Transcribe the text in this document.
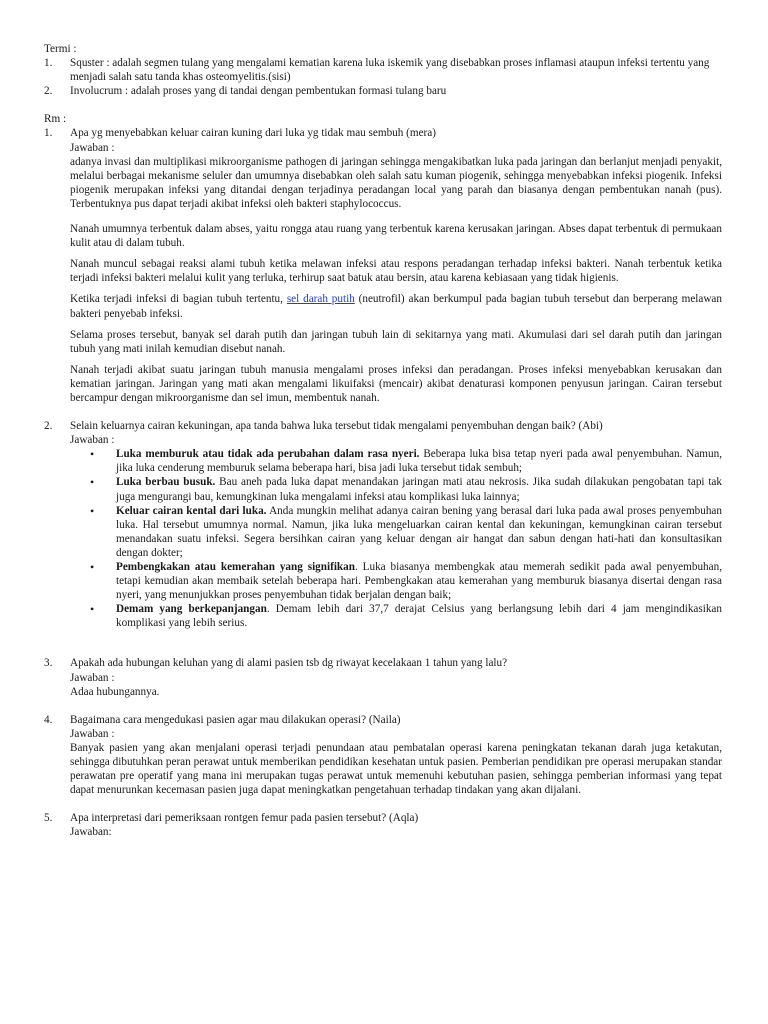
Termi :

1.	Squster : adalah segmen tulang yang mengalami kematian karena luka iskemik yang disebabkan proses inflamasi ataupun infeksi tertentu yang menjadi salah satu tanda khas osteomyelitis.(sisi)
2.	Involucrum : adalah proses yang di tandai dengan pembentukan formasi tulang baru

Rm :

1.	Apa yg menyebabkan keluar cairan kuning dari luka yg tidak mau sembuh (mera)

Jawaban :

adanya invasi dan multiplikasi mikroorganisme pathogen di jaringan sehingga mengakibatkan luka pada jaringan dan berlanjut menjadi penyakit, melalui berbagai mekanisme seluler dan umumnya disebabkan oleh salah satu kuman piogenik, sehingga menyebabkan infeksi piogenik. Infeksi piogenik merupakan infeksi yang ditandai dengan terjadinya peradangan local yang parah dan biasanya dengan pembentukan nanah (pus). Terbentuknya pus dapat terjadi akibat infeksi oleh bakteri staphylococcus.

Nanah umumnya terbentuk dalam abses, yaitu rongga atau ruang yang terbentuk karena kerusakan jaringan. Abses dapat terbentuk di permukaan kulit atau di dalam tubuh.

Nanah muncul sebagai reaksi alami tubuh ketika melawan infeksi atau respons peradangan terhadap infeksi bakteri. Nanah terbentuk ketika terjadi infeksi bakteri melalui kulit yang terluka, terhirup saat batuk atau bersin, atau karena kebiasaan yang tidak higienis.

Ketika terjadi infeksi di bagian tubuh tertentu, sel darah putih (neutrofil) akan berkumpul pada bagian tubuh tersebut dan berperang melawan bakteri penyebab infeksi.

Selama proses tersebut, banyak sel darah putih dan jaringan tubuh lain di sekitarnya yang mati. Akumulasi dari sel darah putih dan jaringan tubuh yang mati inilah kemudian disebut nanah.

Nanah terjadi akibat suatu jaringan tubuh manusia mengalami proses infeksi dan peradangan. Proses infeksi menyebabkan kerusakan dan kematian jaringan. Jaringan yang mati akan mengalami likuifaksi (mencair) akibat denaturasi komponen penyusun jaringan. Cairan tersebut bercampur dengan mikroorganisme dan sel imun, membentuk nanah.

2.	Selain keluarnya cairan kekuningan, apa tanda bahwa luka tersebut tidak mengalami penyembuhan dengan baik? (Abi)

Jawaban :

• Luka memburuk atau tidak ada perubahan dalam rasa nyeri. Beberapa luka bisa tetap nyeri pada awal penyembuhan. Namun, jika luka cenderung memburuk selama beberapa hari, bisa jadi luka tersebut tidak sembuh;
• Luka berbau busuk. Bau aneh pada luka dapat menandakan jaringan mati atau nekrosis. Jika sudah dilakukan pengobatan tapi tak juga mengurangi bau, kemungkinan luka mengalami infeksi atau komplikasi luka lainnya;
• Keluar cairan kental dari luka. Anda mungkin melihat adanya cairan bening yang berasal dari luka pada awal proses penyembuhan luka. Hal tersebut umumnya normal. Namun, jika luka mengeluarkan cairan kental dan kekuningan, kemungkinan cairan tersebut menandakan suatu infeksi. Segera bersihkan cairan yang keluar dengan air hangat dan sabun dengan hati-hati dan konsultasikan dengan dokter;
• Pembengkakan atau kemerahan yang signifikan. Luka biasanya membengkak atau memerah sedikit pada awal penyembuhan, tetapi kemudian akan membaik setelah beberapa hari. Pembengkakan atau kemerahan yang memburuk biasanya disertai dengan rasa nyeri, yang menunjukkan proses penyembuhan tidak berjalan dengan baik;
• Demam yang berkepanjangan. Demam lebih dari 37,7 derajat Celsius yang berlangsung lebih dari 4 jam mengindikasikan komplikasi yang lebih serius.
3.	Apakah ada hubungan keluhan yang di alami pasien tsb dg riwayat kecelakaan 1 tahun yang lalu?

Jawaban :

Adaa hubungannya.

4.	Bagaimana cara mengedukasi pasien agar mau dilakukan operasi? (Naila)

Jawaban :

Banyak pasien yang akan menjalani operasi terjadi penundaan atau pembatalan operasi karena peningkatan tekanan darah juga ketakutan, sehingga dibutuhkan peran perawat untuk memberikan pendidikan kesehatan untuk pasien. Pemberian pendidikan pre operasi merupakan standar perawatan pre operatif yang mana ini merupakan tugas perawat untuk memenuhi kebutuhan pasien, sehingga pemberian informasi yang tepat dapat menurunkan kecemasan pasien juga dapat meningkatkan pengetahuan terhadap tindakan yang akan dijalani.

5.	Apa interpretasi dari pemeriksaan rontgen femur pada pasien tersebut? (Aqla)

Jawaban:
